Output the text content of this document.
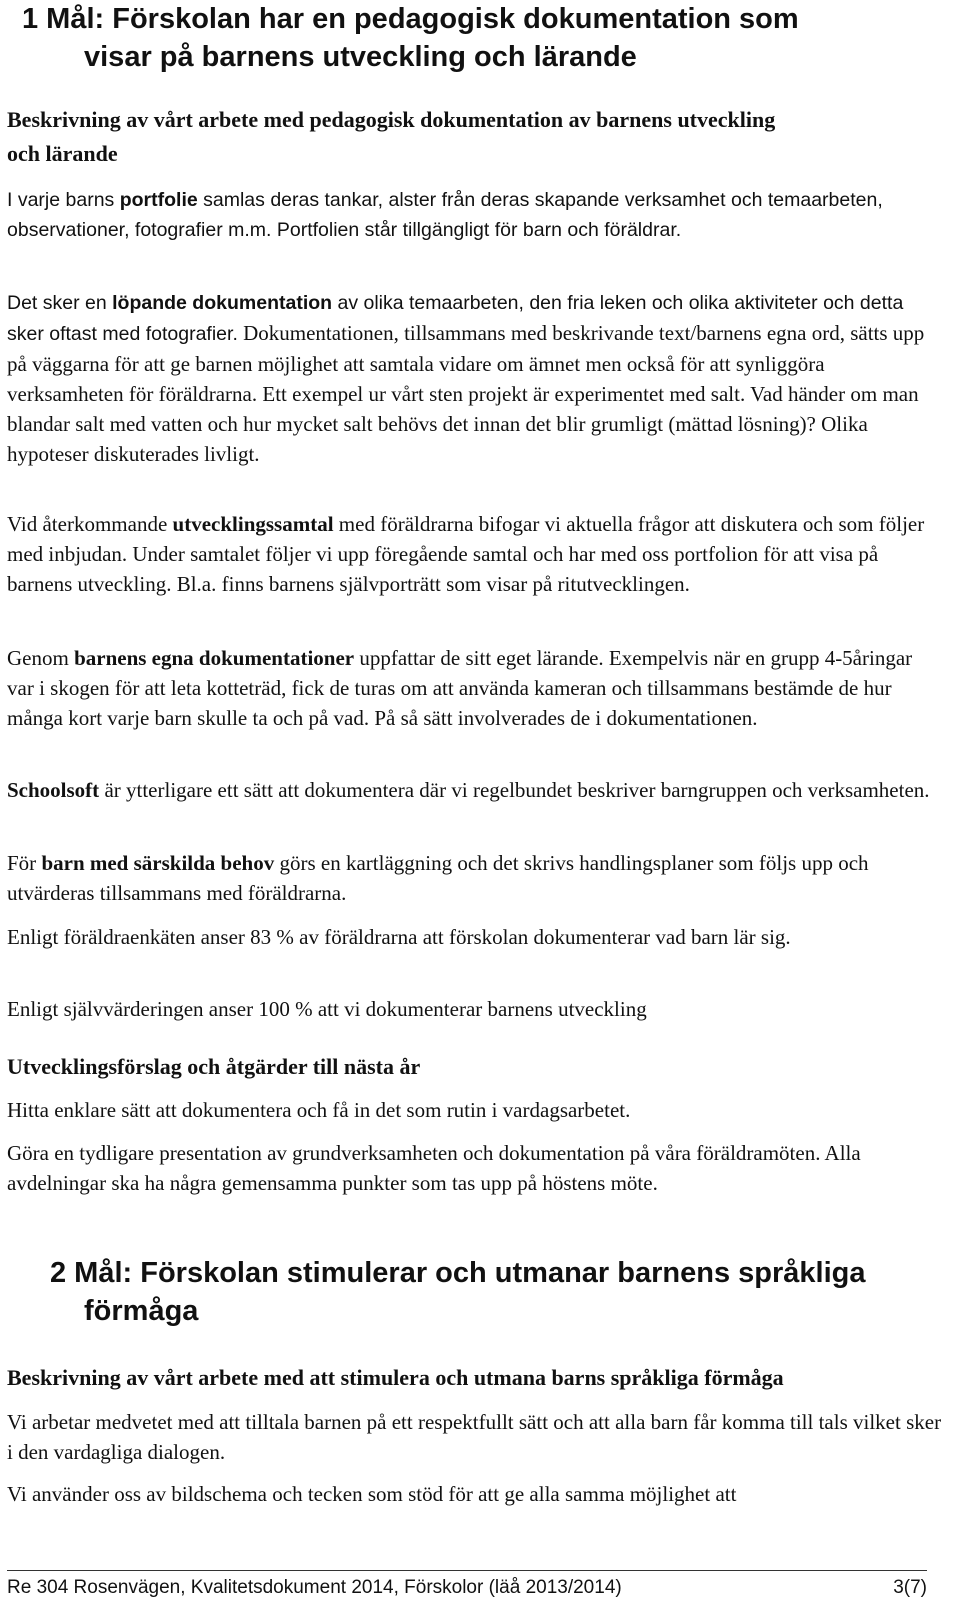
1 Mål: Förskolan har en pedagogisk dokumentation som
visar på barnens utveckling och lärande
Beskrivning av vårt arbete med pedagogisk dokumentation av barnens utveckling
och lärande
I varje barns portfolie samlas deras tankar, alster från deras skapande verksamhet och temaarbeten, observationer, fotografier m.m. Portfolien står tillgängligt för barn och föräldrar.
Det sker en löpande dokumentation av olika temaarbeten, den fria leken och olika aktiviteter och detta sker oftast med fotografier. Dokumentationen, tillsammans med beskrivande text/barnens egna ord, sätts upp på väggarna för att ge barnen möjlighet att samtala vidare om ämnet men också för att synliggöra verksamheten för föräldrarna. Ett exempel ur vårt sten projekt är experimentet med salt. Vad händer om man blandar salt med vatten och hur mycket salt behövs det innan det blir grumligt (mättad lösning)? Olika hypoteser diskuterades livligt.
Vid återkommande utvecklingssamtal med föräldrarna bifogar vi aktuella frågor att diskutera och som följer med inbjudan. Under samtalet följer vi upp föregående samtal och har med oss portfolion för att visa på barnens utveckling. Bl.a. finns barnens självporträtt som visar på ritutvecklingen.
Genom barnens egna dokumentationer uppfattar de sitt eget lärande. Exempelvis när en grupp 4-5åringar var i skogen för att leta kotteträd, fick de turas om att använda kameran och tillsammans bestämde de hur många kort varje barn skulle ta och på vad. På så sätt involverades de i dokumentationen.
Schoolsoft är ytterligare ett sätt att dokumentera där vi regelbundet beskriver barngruppen och verksamheten.
För barn med särskilda behov görs en kartläggning och det skrivs handlingsplaner som följs upp och utvärderas tillsammans med föräldrarna.
Enligt föräldraenkäten anser 83 % av föräldrarna att förskolan dokumenterar vad barn lär sig.
Enligt självvärderingen anser 100 % att vi dokumenterar barnens utveckling
Utvecklingsförslag och åtgärder till nästa år
Hitta enklare sätt att dokumentera och få in det som rutin i vardagsarbetet.
Göra en tydligare presentation av grundverksamheten och dokumentation på våra föräldramöten. Alla avdelningar ska ha några gemensamma punkter som tas upp på höstens möte.
2 Mål: Förskolan stimulerar och utmanar barnens språkliga
förmåga
Beskrivning av vårt arbete med att stimulera och utmana barns språkliga förmåga
Vi arbetar medvetet med att tilltala barnen på ett respektfullt sätt och att alla barn får komma till tals vilket sker i den vardagliga dialogen.
Vi använder oss av bildschema och tecken som stöd för att ge alla samma möjlighet att
Re 304 Rosenvägen, Kvalitetsdokument 2014, Förskolor (läå 2013/2014)	3(7)
